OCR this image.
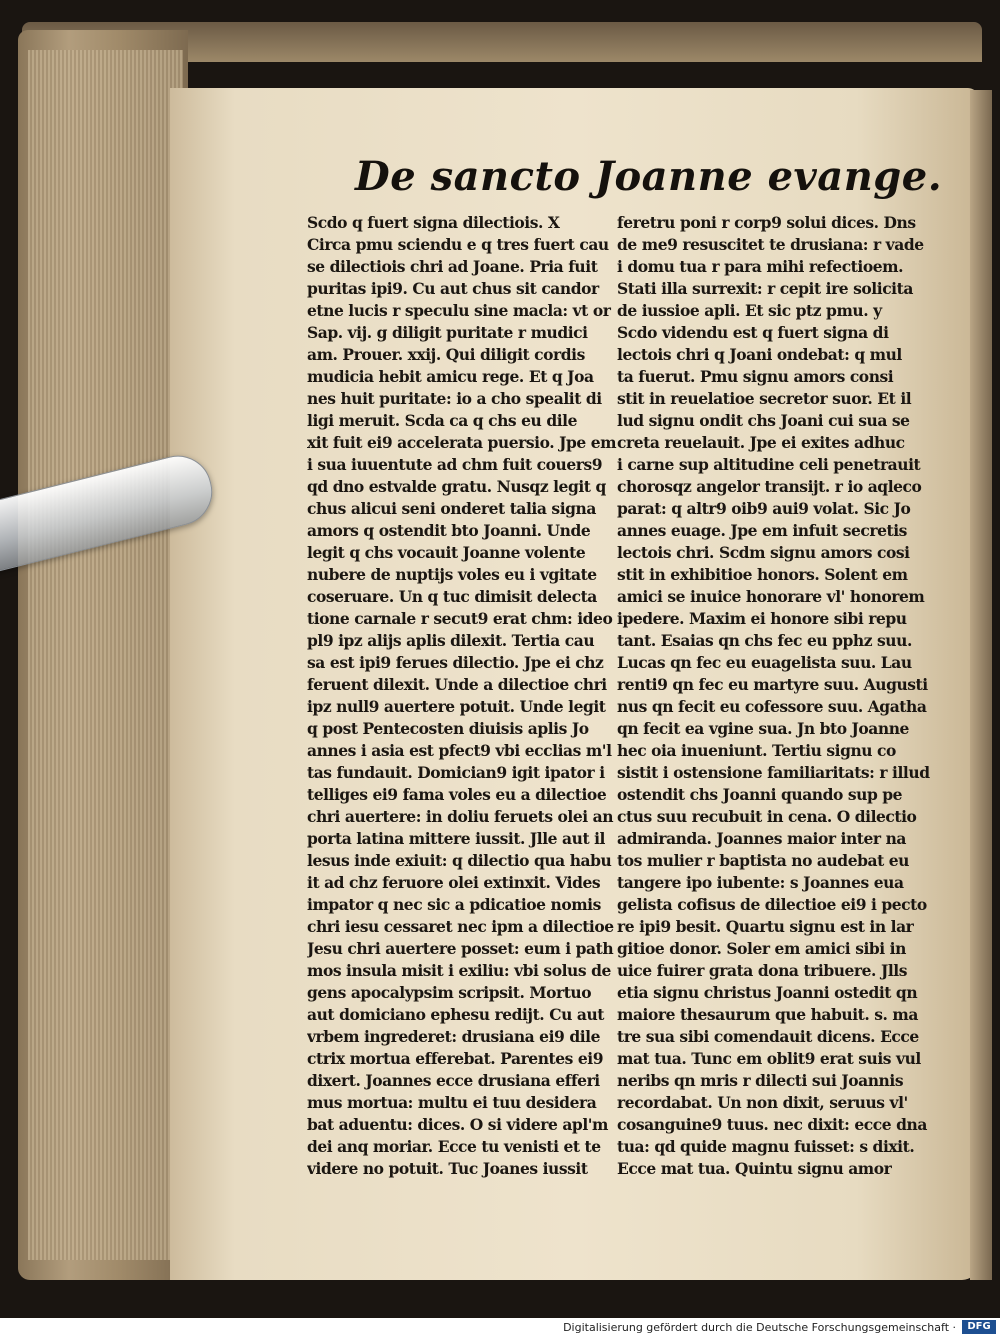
De sancto Joanne evange.
Scdo q fuert signa dilectiois. X
Circa pmu sciendu e q tres fuert cau
se dilectiois chri ad Joane. Pria fuit
puritas ipi9. Cu aut chus sit candor
etne lucis r speculu sine macla: vt or
Sap. vij. g diligit puritate r mudici
am. Prouer. xxij. Qui diligit cordis
mudicia hebit amicu rege. Et q Joa
nes huit puritate: io a cho spealit di
ligi meruit. Scda ca q chs eu dile
xit fuit ei9 accelerata puersio. Jpe em
i sua iuuentute ad chm fuit couers9
qd dno estvalde gratu. Nusqz legit q
chus alicui seni onderet talia signa
amors q ostendit bto Joanni. Unde
legit q chs vocauit Joanne volente
nubere de nuptijs voles eu i vgitate
coseruare. Un q tuc dimisit delecta
tione carnale r secut9 erat chm: ideo
pl9 ipz alijs aplis dilexit. Tertia cau
sa est ipi9 ferues dilectio. Jpe ei chz
feruent dilexit. Unde a dilectioe chri
ipz null9 auertere potuit. Unde legit
q post Pentecosten diuisis aplis Jo
annes i asia est pfect9 vbi ecclias m'l
tas fundauit. Domician9 igit ipator i
telliges ei9 fama voles eu a dilectioe
chri auertere: in doliu feruets olei an
porta latina mittere iussit. Jlle aut il
lesus inde exiuit: q dilectio qua habu
it ad chz feruore olei extinxit. Vides
impator q nec sic a pdicatioe nomis
chri iesu cessaret nec ipm a dilectioe
Jesu chri auertere posset: eum i path
mos insula misit i exiliu: vbi solus de
gens apocalypsim scripsit. Mortuo
aut domiciano ephesu redijt. Cu aut
vrbem ingrederet: drusiana ei9 dile
ctrix mortua efferebat. Parentes ei9
dixert. Joannes ecce drusiana efferi
mus mortua: multu ei tuu desidera
bat aduentu: dices. O si videre apl'm
dei anq moriar. Ecce tu venisti et te
videre no potuit. Tuc Joanes iussit
feretru poni r corp9 solui dices. Dns
de me9 resuscitet te drusiana: r vade
i domu tua r para mihi refectioem.
Stati illa surrexit: r cepit ire solicita
de iussioe apli. Et sic ptz pmu. y
Scdo videndu est q fuert signa di
lectois chri q Joani ondebat: q mul
ta fuerut. Pmu signu amors consi
stit in reuelatioe secretor suor. Et il
lud signu ondit chs Joani cui sua se
creta reuelauit. Jpe ei exites adhuc
i carne sup altitudine celi penetrauit
chorosqz angelor transijt. r io aqleco
parat: q altr9 oib9 aui9 volat. Sic Jo
annes euage. Jpe em infuit secretis
lectois chri. Scdm signu amors cosi
stit in exhibitioe honors. Solent em
amici se inuice honorare vl' honorem
ipedere. Maxim ei honore sibi repu
tant. Esaias qn chs fec eu pphz suu.
Lucas qn fec eu euagelista suu. Lau
renti9 qn fec eu martyre suu. Augusti
nus qn fecit eu cofessore suu. Agatha
qn fecit ea vgine sua. Jn bto Joanne
hec oia inueniunt. Tertiu signu co
sistit i ostensione familiaritats: r illud
ostendit chs Joanni quando sup pe
ctus suu recubuit in cena. O dilectio
admiranda. Joannes maior inter na
tos mulier r baptista no audebat eu
tangere ipo iubente: s Joannes eua
gelista cofisus de dilectioe ei9 i pecto
re ipi9 besit. Quartu signu est in lar
gitioe donor. Soler em amici sibi in
uice fuirer grata dona tribuere. Jlls
etia signu christus Joanni ostedit qn
maiore thesaurum que habuit. s. ma
tre sua sibi comendauit dicens. Ecce
mat tua. Tunc em oblit9 erat suis vul
neribs qn mris r dilecti sui Joannis
recordabat. Un non dixit, seruus vl'
cosanguine9 tuus. nec dixit: ecce dna
tua: qd quide magnu fuisset: s dixit.
Ecce mat tua. Quintu signu amor
Digitalisierung gefördert durch die Deutsche Forschungsgemeinschaft ·	DFG
